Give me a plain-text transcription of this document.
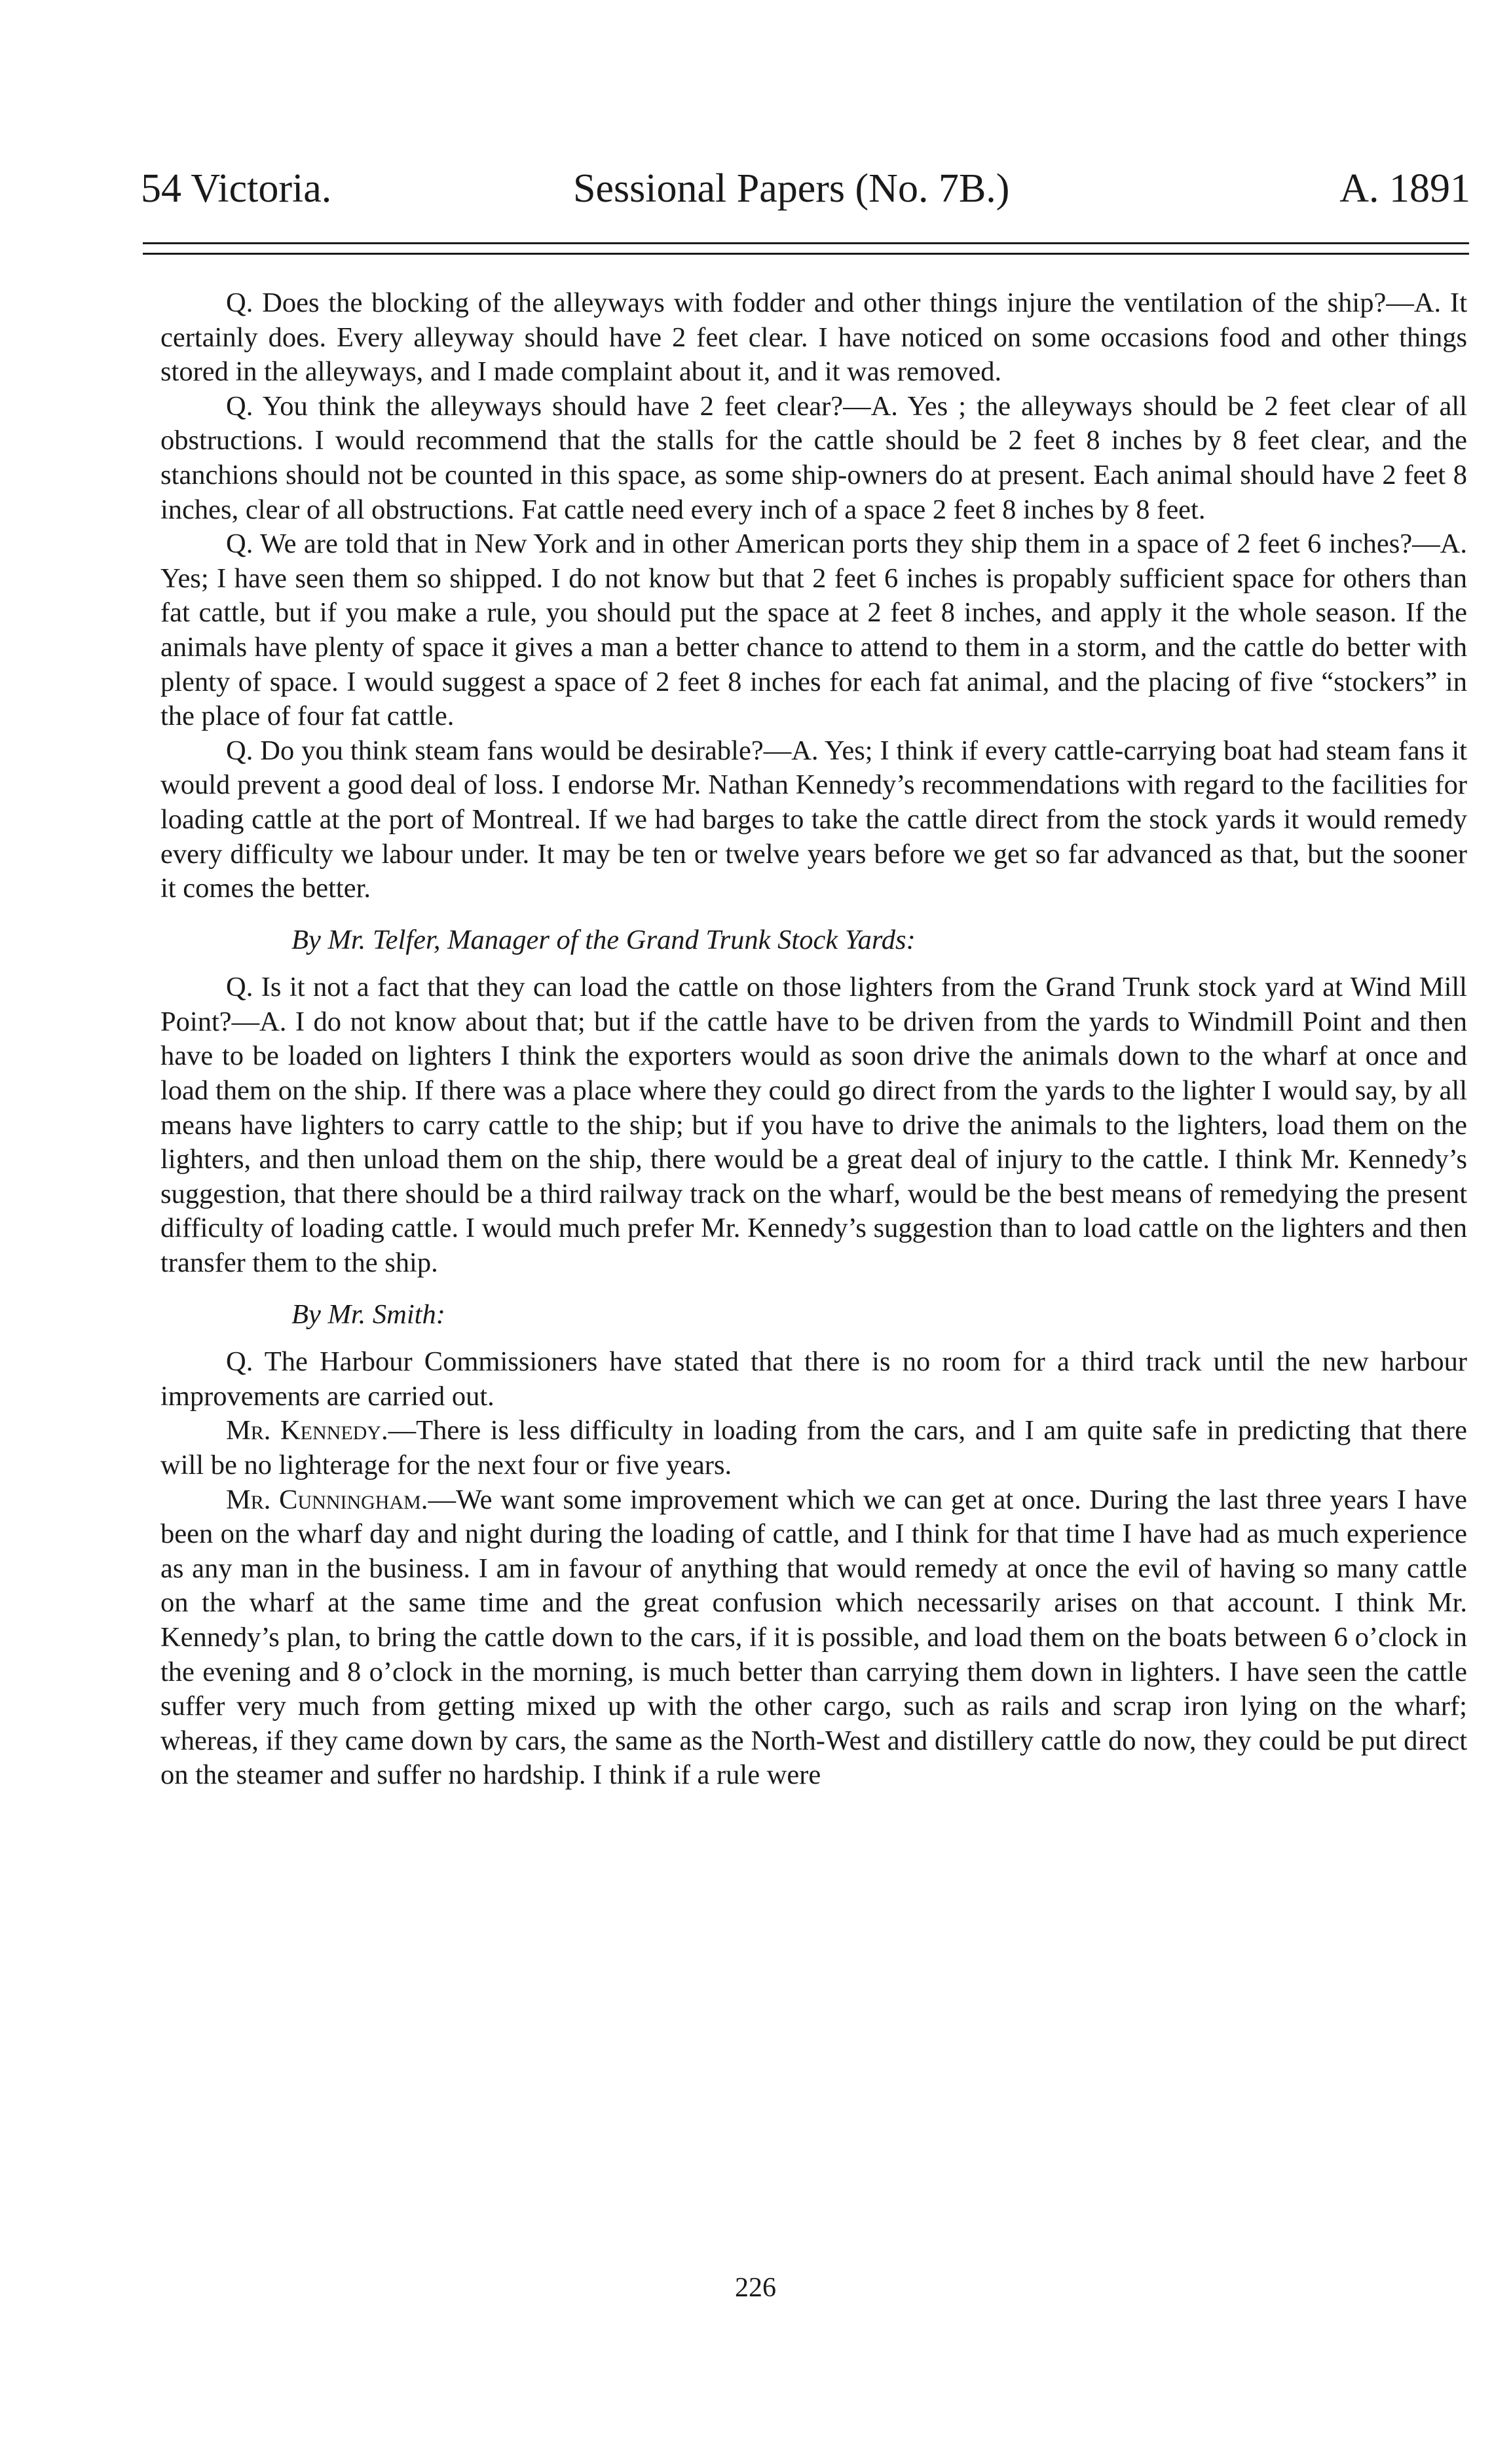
54 Victoria.	Sessional Papers (No. 7B.)	A. 1891

Q. Does the blocking of the alleyways with fodder and other things injure the ventilation of the ship?—A. It certainly does. Every alleyway should have 2 feet clear. I have noticed on some occasions food and other things stored in the alleyways, and I made complaint about it, and it was removed.

Q. You think the alleyways should have 2 feet clear?—A. Yes ; the alleyways should be 2 feet clear of all obstructions. I would recommend that the stalls for the cattle should be 2 feet 8 inches by 8 feet clear, and the stanchions should not be counted in this space, as some ship-owners do at present. Each animal should have 2 feet 8 inches, clear of all obstructions. Fat cattle need every inch of a space 2 feet 8 inches by 8 feet.

Q. We are told that in New York and in other American ports they ship them in a space of 2 feet 6 inches?—A. Yes; I have seen them so shipped. I do not know but that 2 feet 6 inches is propably sufficient space for others than fat cattle, but if you make a rule, you should put the space at 2 feet 8 inches, and apply it the whole season. If the animals have plenty of space it gives a man a better chance to attend to them in a storm, and the cattle do better with plenty of space. I would suggest a space of 2 feet 8 inches for each fat animal, and the placing of five “stockers” in the place of four fat cattle.

Q. Do you think steam fans would be desirable?—A. Yes; I think if every cattle-carrying boat had steam fans it would prevent a good deal of loss. I endorse Mr. Nathan Kennedy’s recommendations with regard to the facilities for loading cattle at the port of Montreal. If we had barges to take the cattle direct from the stock yards it would remedy every difficulty we labour under. It may be ten or twelve years before we get so far advanced as that, but the sooner it comes the better.

By Mr. Telfer, Manager of the Grand Trunk Stock Yards:

Q. Is it not a fact that they can load the cattle on those lighters from the Grand Trunk stock yard at Wind Mill Point?—A. I do not know about that; but if the cattle have to be driven from the yards to Windmill Point and then have to be loaded on lighters I think the exporters would as soon drive the animals down to the wharf at once and load them on the ship. If there was a place where they could go direct from the yards to the lighter I would say, by all means have lighters to carry cattle to the ship; but if you have to drive the animals to the lighters, load them on the lighters, and then unload them on the ship, there would be a great deal of injury to the cattle. I think Mr. Kennedy’s suggestion, that there should be a third railway track on the wharf, would be the best means of remedying the present difficulty of loading cattle. I would much prefer Mr. Kennedy’s suggestion than to load cattle on the lighters and then transfer them to the ship.

By Mr. Smith:

Q. The Harbour Commissioners have stated that there is no room for a third track until the new harbour improvements are carried out.

Mr. Kennedy.—There is less difficulty in loading from the cars, and I am quite safe in predicting that there will be no lighterage for the next four or five years.

Mr. Cunningham.—We want some improvement which we can get at once. During the last three years I have been on the wharf day and night during the loading of cattle, and I think for that time I have had as much experience as any man in the business. I am in favour of anything that would remedy at once the evil of having so many cattle on the wharf at the same time and the great confusion which necessarily arises on that account. I think Mr. Kennedy’s plan, to bring the cattle down to the cars, if it is possible, and load them on the boats between 6 o’clock in the evening and 8 o’clock in the morning, is much better than carrying them down in lighters. I have seen the cattle suffer very much from getting mixed up with the other cargo, such as rails and scrap iron lying on the wharf; whereas, if they came down by cars, the same as the North-West and distillery cattle do now, they could be put direct on the steamer and suffer no hardship. I think if a rule were

226
